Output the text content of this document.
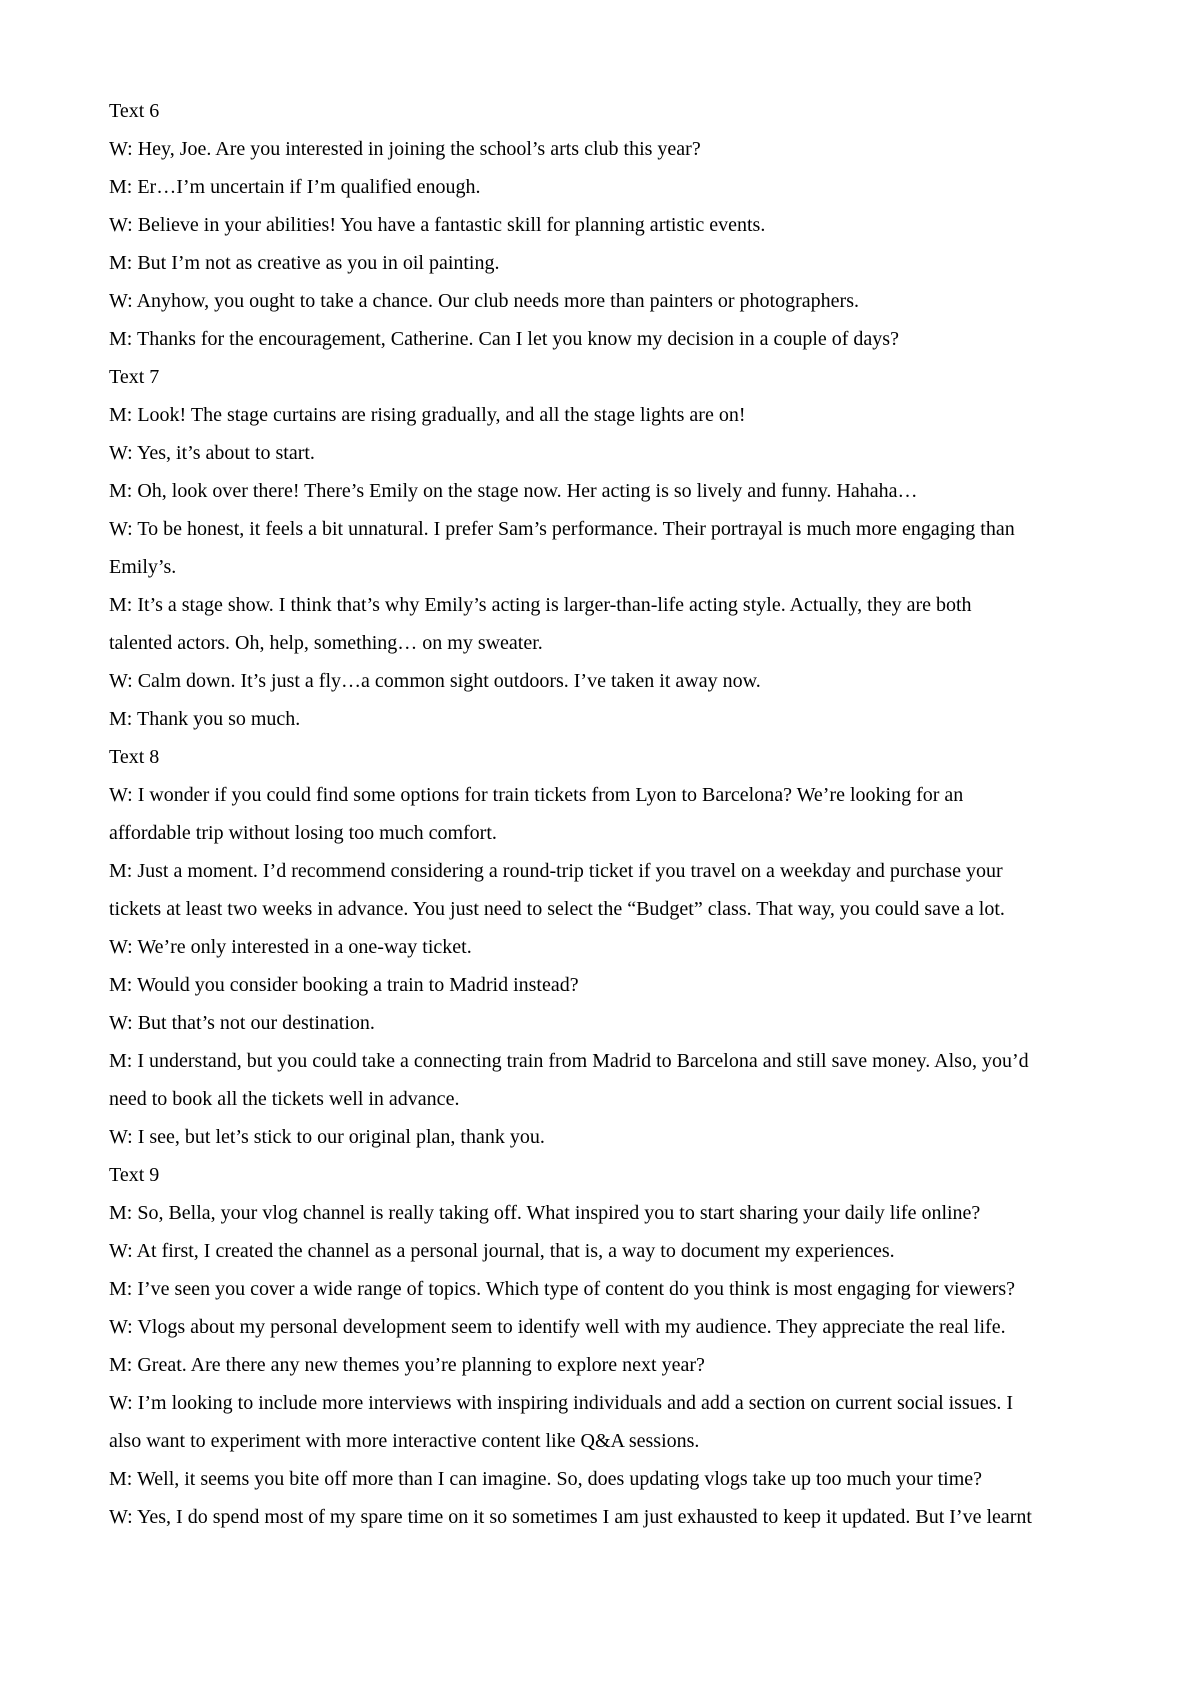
Text 6
W: Hey, Joe. Are you interested in joining the school’s arts club this year?
M: Er…I’m uncertain if I’m qualified enough.
W: Believe in your abilities! You have a fantastic skill for planning artistic events.
M: But I’m not as creative as you in oil painting.
W: Anyhow, you ought to take a chance. Our club needs more than painters or photographers.
M: Thanks for the encouragement, Catherine. Can I let you know my decision in a couple of days?
Text 7
M: Look! The stage curtains are rising gradually, and all the stage lights are on!
W: Yes, it’s about to start.
M: Oh, look over there! There’s Emily on the stage now. Her acting is so lively and funny. Hahaha…
W: To be honest, it feels a bit unnatural. I prefer Sam’s performance. Their portrayal is much more engaging than
Emily’s.
M: It’s a stage show. I think that’s why Emily’s acting is larger-than-life acting style. Actually, they are both
talented actors. Oh, help, something… on my sweater.
W: Calm down. It’s just a fly…a common sight outdoors. I’ve taken it away now.
M: Thank you so much.
Text 8
W: I wonder if you could find some options for train tickets from Lyon to Barcelona? We’re looking for an
affordable trip without losing too much comfort.
M: Just a moment. I’d recommend considering a round-trip ticket if you travel on a weekday and purchase your
tickets at least two weeks in advance. You just need to select the “Budget” class. That way, you could save a lot.
W: We’re only interested in a one-way ticket.
M: Would you consider booking a train to Madrid instead?
W: But that’s not our destination.
M: I understand, but you could take a connecting train from Madrid to Barcelona and still save money. Also, you’d
need to book all the tickets well in advance.
W: I see, but let’s stick to our original plan, thank you.
Text 9
M: So, Bella, your vlog channel is really taking off. What inspired you to start sharing your daily life online?
W: At first, I created the channel as a personal journal, that is, a way to document my experiences.
M: I’ve seen you cover a wide range of topics. Which type of content do you think is most engaging for viewers?
W: Vlogs about my personal development seem to identify well with my audience. They appreciate the real life.
M: Great. Are there any new themes you’re planning to explore next year?
W: I’m looking to include more interviews with inspiring individuals and add a section on current social issues. I
also want to experiment with more interactive content like Q&A sessions.
M: Well, it seems you bite off more than I can imagine. So, does updating vlogs take up too much your time?
W: Yes, I do spend most of my spare time on it so sometimes I am just exhausted to keep it updated. But I’ve learnt
